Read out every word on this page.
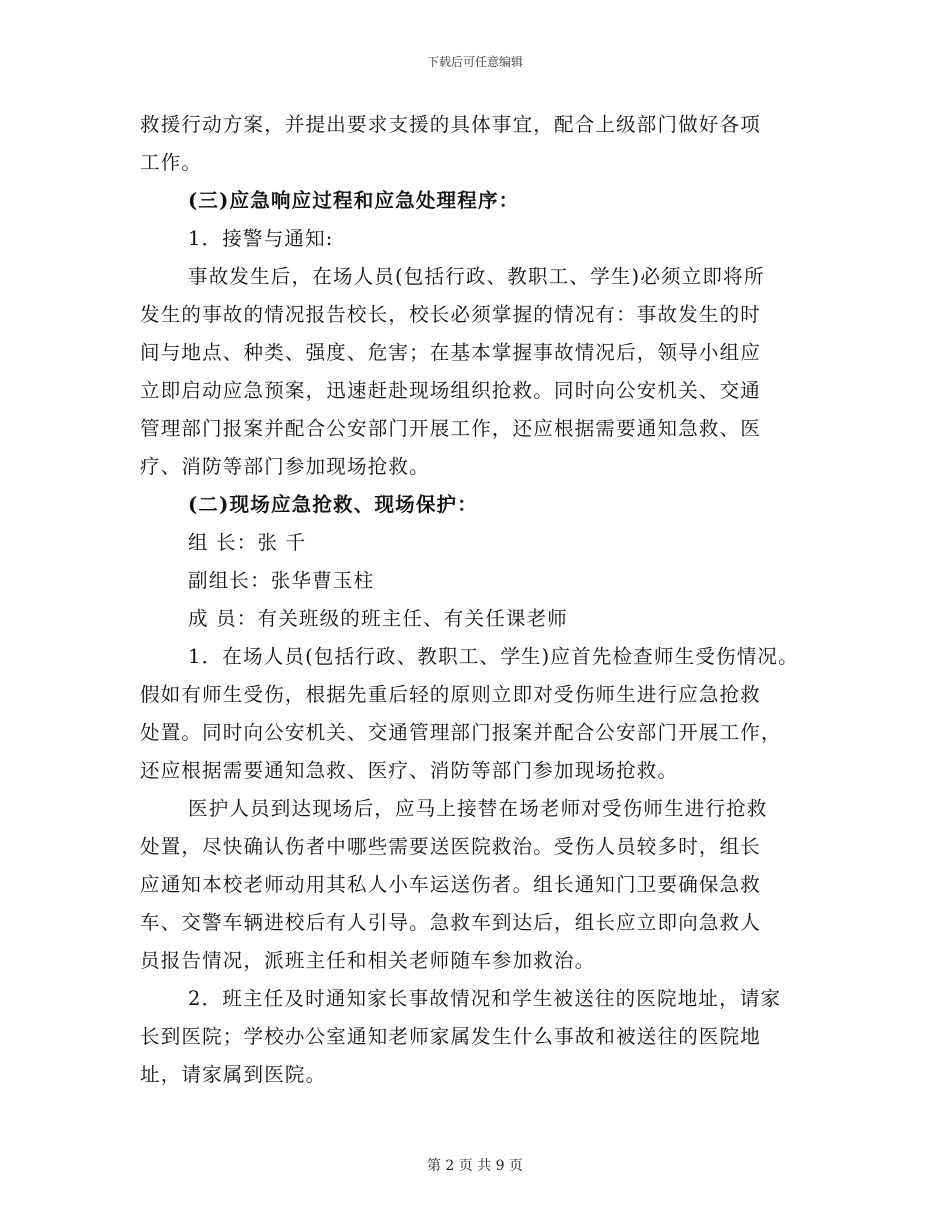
下载后可任意编辑
救援行动方案，并提出要求支援的具体事宜，配合上级部门做好各项
工作。
(三)应急响应过程和应急处理程序：
1．接警与通知:
事故发生后，在场人员(包括行政、教职工、学生)必须立即将所
发生的事故的情况报告校长，校长必须掌握的情况有：事故发生的时
间与地点、种类、强度、危害；在基本掌握事故情况后，领导小组应
立即启动应急预案，迅速赶赴现场组织抢救。同时向公安机关、交通
管理部门报案并配合公安部门开展工作，还应根据需要通知急救、医
疗、消防等部门参加现场抢救。
(二)现场应急抢救、现场保护：
组 长：张 千
副组长：张华曹玉柱
成 员：有关班级的班主任、有关任课老师
1．在场人员(包括行政、教职工、学生)应首先检查师生受伤情况。
假如有师生受伤，根据先重后轻的原则立即对受伤师生进行应急抢救
处置。同时向公安机关、交通管理部门报案并配合公安部门开展工作，
还应根据需要通知急救、医疗、消防等部门参加现场抢救。
医护人员到达现场后，应马上接替在场老师对受伤师生进行抢救
处置，尽快确认伤者中哪些需要送医院救治。受伤人员较多时，组长
应通知本校老师动用其私人小车运送伤者。组长通知门卫要确保急救
车、交警车辆进校后有人引导。急救车到达后，组长应立即向急救人
员报告情况，派班主任和相关老师随车参加救治。
2．班主任及时通知家长事故情况和学生被送往的医院地址，请家
长到医院；学校办公室通知老师家属发生什么事故和被送往的医院地
址，请家属到医院。
第 2 页 共 9 页
